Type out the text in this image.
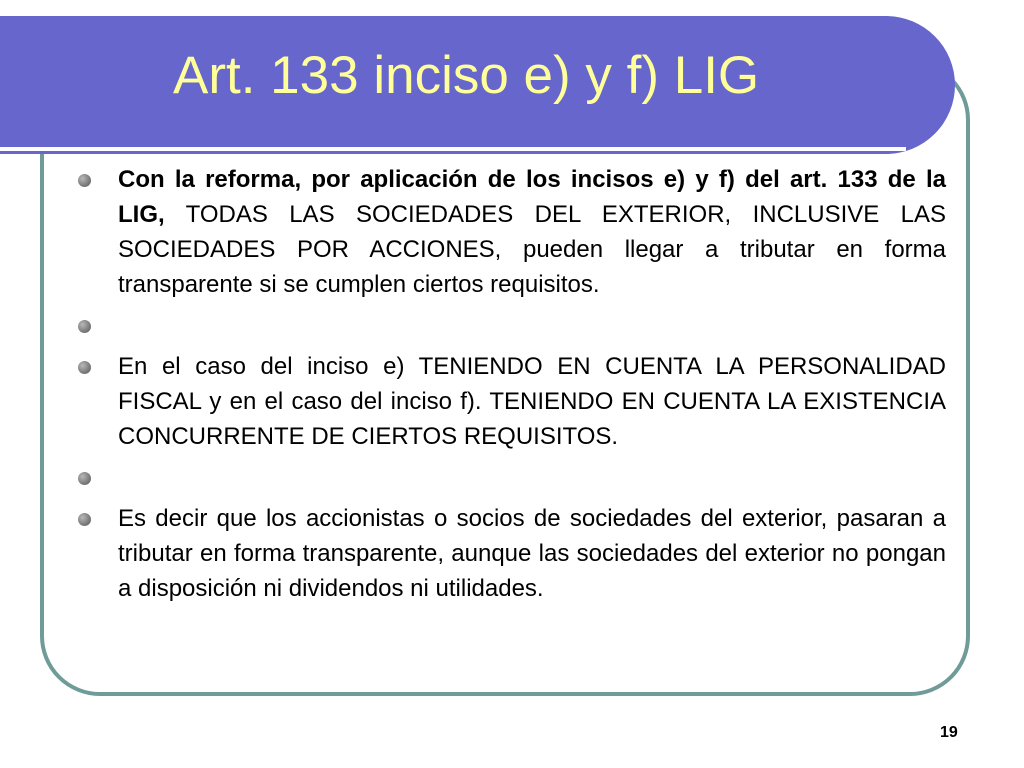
Art. 133 inciso e) y f) LIG
Con la reforma, por aplicación de los incisos e) y f) del art. 133 de la LIG, TODAS LAS SOCIEDADES DEL EXTERIOR, INCLUSIVE LAS SOCIEDADES POR ACCIONES, pueden llegar a tributar en forma transparente si se cumplen ciertos requisitos.
En el caso del inciso e) TENIENDO EN CUENTA LA PERSONALIDAD FISCAL y en el caso del inciso f). TENIENDO EN CUENTA LA EXISTENCIA CONCURRENTE DE CIERTOS REQUISITOS.
Es decir que los accionistas o socios de sociedades del exterior, pasaran a tributar en forma transparente, aunque las sociedades del exterior no pongan a disposición ni dividendos ni utilidades.
19
